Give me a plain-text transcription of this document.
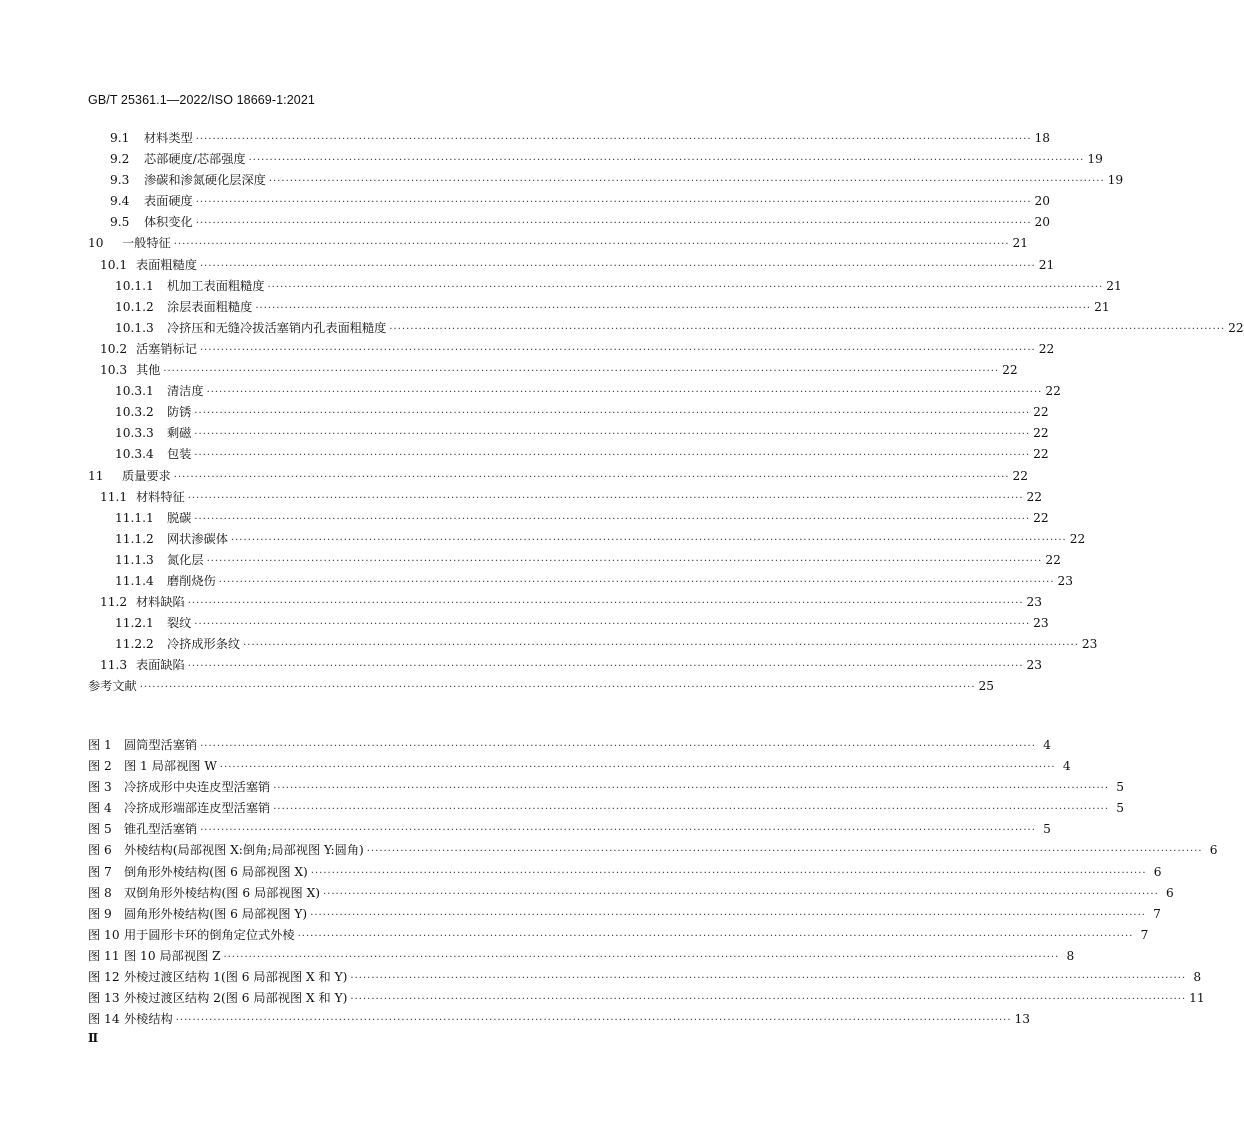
GB/T 25361.1—2022/ISO 18669-1:2021
9.1	材料类型 ········································································································································································································ 18
9.2	芯部硬度/芯部强度 ········································································································································································································ 19
9.3	渗碳和渗氮硬化层深度 ········································································································································································································ 19
9.4	表面硬度 ········································································································································································································ 20
9.5	体积变化 ········································································································································································································ 20
10	一般特征 ········································································································································································································ 21
10.1 表面粗糙度 ········································································································································································································ 21
10.1.1	机加工表面粗糙度 ········································································································································································································ 21
10.1.2	涂层表面粗糙度 ········································································································································································································ 21
10.1.3	冷挤压和无缝冷拔活塞销内孔表面粗糙度 ········································································································································································································ 22
10.2 活塞销标记 ········································································································································································································ 22
10.3 其他 ········································································································································································································ 22
10.3.1	清洁度 ········································································································································································································ 22
10.3.2	防锈 ········································································································································································································ 22
10.3.3	剩磁 ········································································································································································································ 22
10.3.4	包装 ········································································································································································································ 22
11	质量要求 ········································································································································································································ 22
11.1 材料特征 ········································································································································································································ 22
11.1.1	脱碳 ········································································································································································································ 22
11.1.2	网状渗碳体 ········································································································································································································ 22
11.1.3	氮化层 ········································································································································································································ 22
11.1.4	磨削烧伤 ········································································································································································································ 23
11.2 材料缺陷 ········································································································································································································ 23
11.2.1	裂纹 ········································································································································································································ 23
11.2.2	冷挤成形条纹 ········································································································································································································ 23
11.3 表面缺陷 ········································································································································································································ 23
参考文献 ········································································································································································································ 25
图 1 圆筒型活塞销 ········································································································································································································ 4
图 2 图 1 局部视图 W ········································································································································································································ 4
图 3 冷挤成形中央连皮型活塞销 ········································································································································································································ 5
图 4 冷挤成形端部连皮型活塞销 ········································································································································································································ 5
图 5 锥孔型活塞销 ········································································································································································································ 5
图 6 外棱结构(局部视图 X:倒角;局部视图 Y:圆角) ········································································································································································································ 6
图 7 倒角形外棱结构(图 6 局部视图 X) ········································································································································································································ 6
图 8 双倒角形外棱结构(图 6 局部视图 X) ········································································································································································································ 6
图 9 圆角形外棱结构(图 6 局部视图 Y) ········································································································································································································ 7
图 10 用于圆形卡环的倒角定位式外棱 ········································································································································································································ 7
图 11 图 10 局部视图 Z ········································································································································································································ 8
图 12 外棱过渡区结构 1(图 6 局部视图 X 和 Y) ········································································································································································································ 8
图 13 外棱过渡区结构 2(图 6 局部视图 X 和 Y) ········································································································································································································ 11
图 14 外棱结构 ········································································································································································································ 13
Ⅱ
